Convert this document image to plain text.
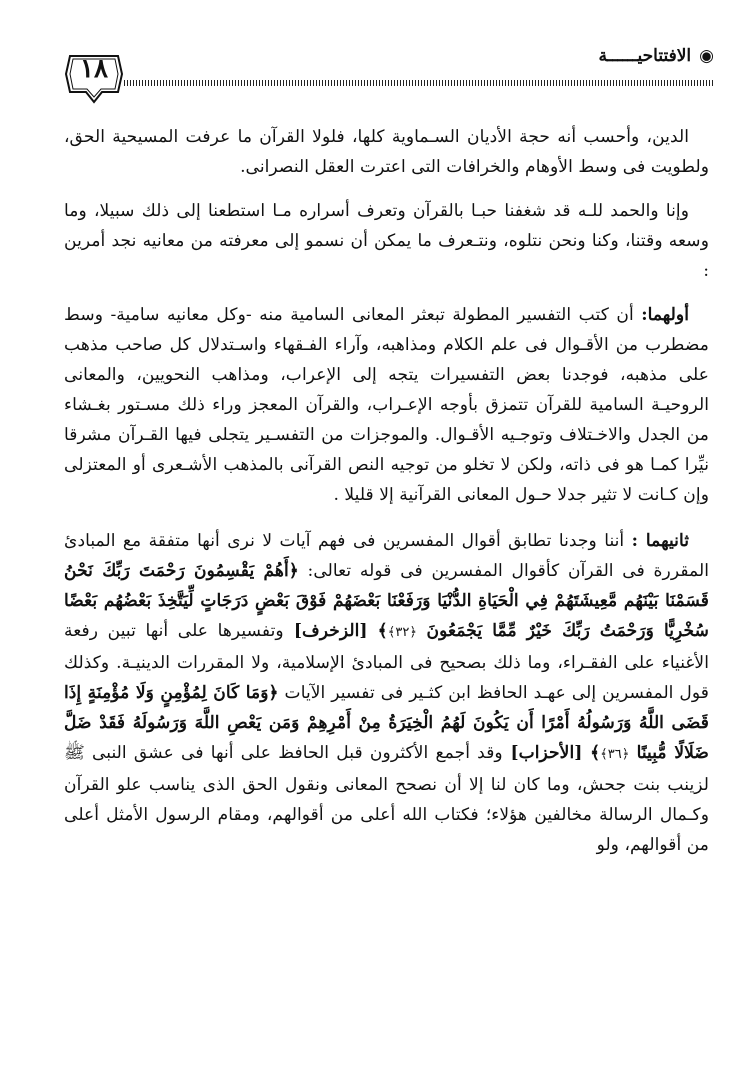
١٨	◉الافتتاحيــــــة

الدين، وأحسب أنه حجة الأديان السـماوية كلها، فلولا القرآن ما عرفت المسيحية الحق، ولطويت فى وسط الأوهام والخرافات التى اعترت العقل النصرانى.

وإنا والحمد للـه قد شغفنا حبـا بالقرآن وتعرف أسراره مـا استطعنا إلى ذلك سبيلا، وما وسعه وقتنا، وكنا ونحن نتلوه، ونتـعرف ما يمكن أن نسمو إلى معرفته من معانيه نجد أمرين :

أولهما: أن كتب التفسير المطولة تبعثر المعانى السامية منه -وكل معانيه سامية- وسط مضطرب من الأقـوال فى علم الكلام ومذاهبه، وآراء الفـقهاء واسـتدلال كل صاحب مذهب على مذهبه، فوجدنا بعض التفسيرات يتجه إلى الإعراب، ومذاهب النحويين، والمعانى الروحيـة السامية للقرآن تتمزق بأوجه الإعـراب، والقرآن المعجز وراء ذلك مسـتور بغـشاء من الجدل والاخـتلاف وتوجـيه الأقـوال. والموجزات من التفسـير يتجلى فيها القـرآن مشرقا نيِّرا كمـا هو فى ذاته، ولكن لا تخلو من توجيه النص القرآنى بالمذهب الأشـعرى أو المعتزلى وإن كـانت لا تثير جدلا حـول المعانى القرآنية إلا قليلا .

ثانيهما : أننا وجدنا تطابق أقوال المفسرين فى فهم آيات لا نرى أنها متفقة مع المبادئ المقررة فى القرآن كأقوال المفسرين فى قوله تعالى: ﴿أَهُمْ يَقْسِمُونَ رَحْمَتَ رَبِّكَ نَحْنُ قَسَمْنَا بَيْنَهُم مَّعِيشَتَهُمْ فِي الْحَيَاةِ الدُّنْيَا وَرَفَعْنَا بَعْضَهُمْ فَوْقَ بَعْضٍ دَرَجَاتٍ لِّيَتَّخِذَ بَعْضُهُم بَعْضًا سُخْرِيًّا وَرَحْمَتُ رَبِّكَ خَيْرٌ مِّمَّا يَجْمَعُونَ ﴿٣٢﴾﴾ [الزخرف] وتفسيرها على أنها تبين رفعة الأغنياء على الفقـراء، وما ذلك بصحيح فى المبادئ الإسلامية، ولا المقررات الدينيـة. وكذلك قول المفسرين إلى عهـد الحافظ ابن كثـير فى تفسير الآيات ﴿وَمَا كَانَ لِمُؤْمِنٍ وَلَا مُؤْمِنَةٍ إِذَا قَضَى اللَّهُ وَرَسُولُهُ أَمْرًا أَن يَكُونَ لَهُمُ الْخِيَرَةُ مِنْ أَمْرِهِمْ وَمَن يَعْصِ اللَّهَ وَرَسُولَهُ فَقَدْ ضَلَّ ضَلَالًا مُّبِينًا ﴿٣٦﴾﴾ [الأحزاب] وقد أجمع الأكثرون قبل الحافظ على أنها فى عشق النبى ﷺ لزينب بنت جحش، وما كان لنا إلا أن نصحح المعانى ونقول الحق الذى يناسب علو القرآن وكـمال الرسالة مخالفين هؤلاء؛ فكتاب الله أعلى من أقوالهم، ومقام الرسول الأمثل أعلى من أقوالهم، ولو
